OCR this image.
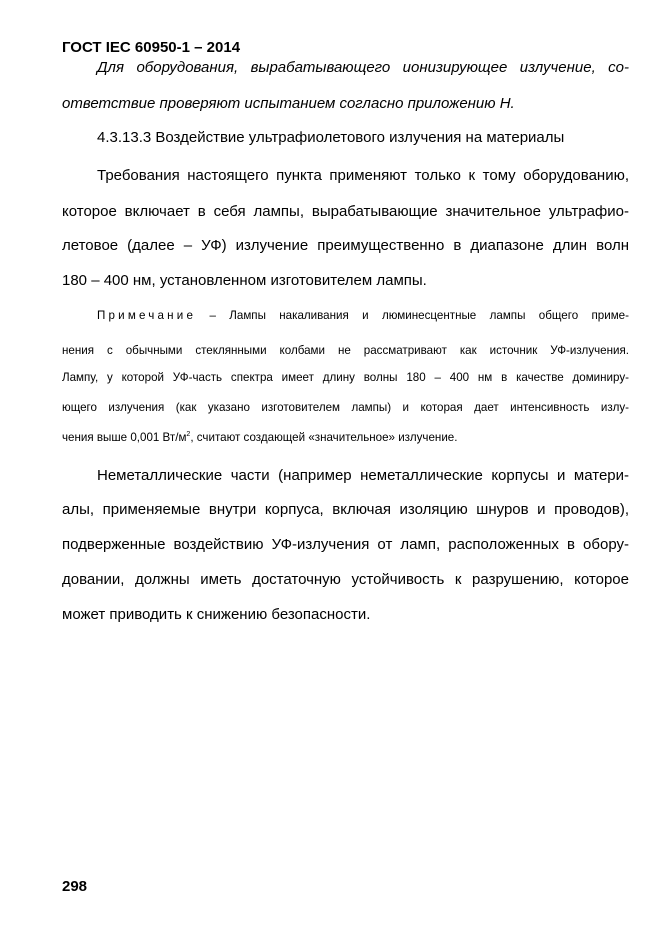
ГОСТ IEC 60950-1 – 2014
Для оборудования, вырабатывающего ионизирующее излучение, со-
ответствие проверяют испытанием согласно приложению Н.
4.3.13.3 Воздействие ультрафиолетового излучения на материалы
Требования настоящего пункта применяют только к тому оборудованию,
которое включает в себя лампы, вырабатывающие значительное ультрафио-
летовое (далее – УФ) излучение преимущественно в диапазоне длин волн
180 – 400 нм, установленном изготовителем лампы.
Примечание – Лампы накаливания и люминесцентные лампы общего приме-
нения с обычными стеклянными колбами не рассматривают как источник УФ-излучения.
Лампу, у которой УФ-часть спектра имеет длину волны 180 – 400 нм в качестве доминиру-
ющего излучения (как указано изготовителем лампы) и которая дает интенсивность излу-
чения выше 0,001 $Вт/м^2$, считают создающей «значительное» излучение.
Неметаллические части (например неметаллические корпусы и матери-
алы, применяемые внутри корпуса, включая изоляцию шнуров и проводов),
подверженные воздействию УФ-излучения от ламп, расположенных в обору-
довании, должны иметь достаточную устойчивость к разрушению, которое
может приводить к снижению безопасности.

298
